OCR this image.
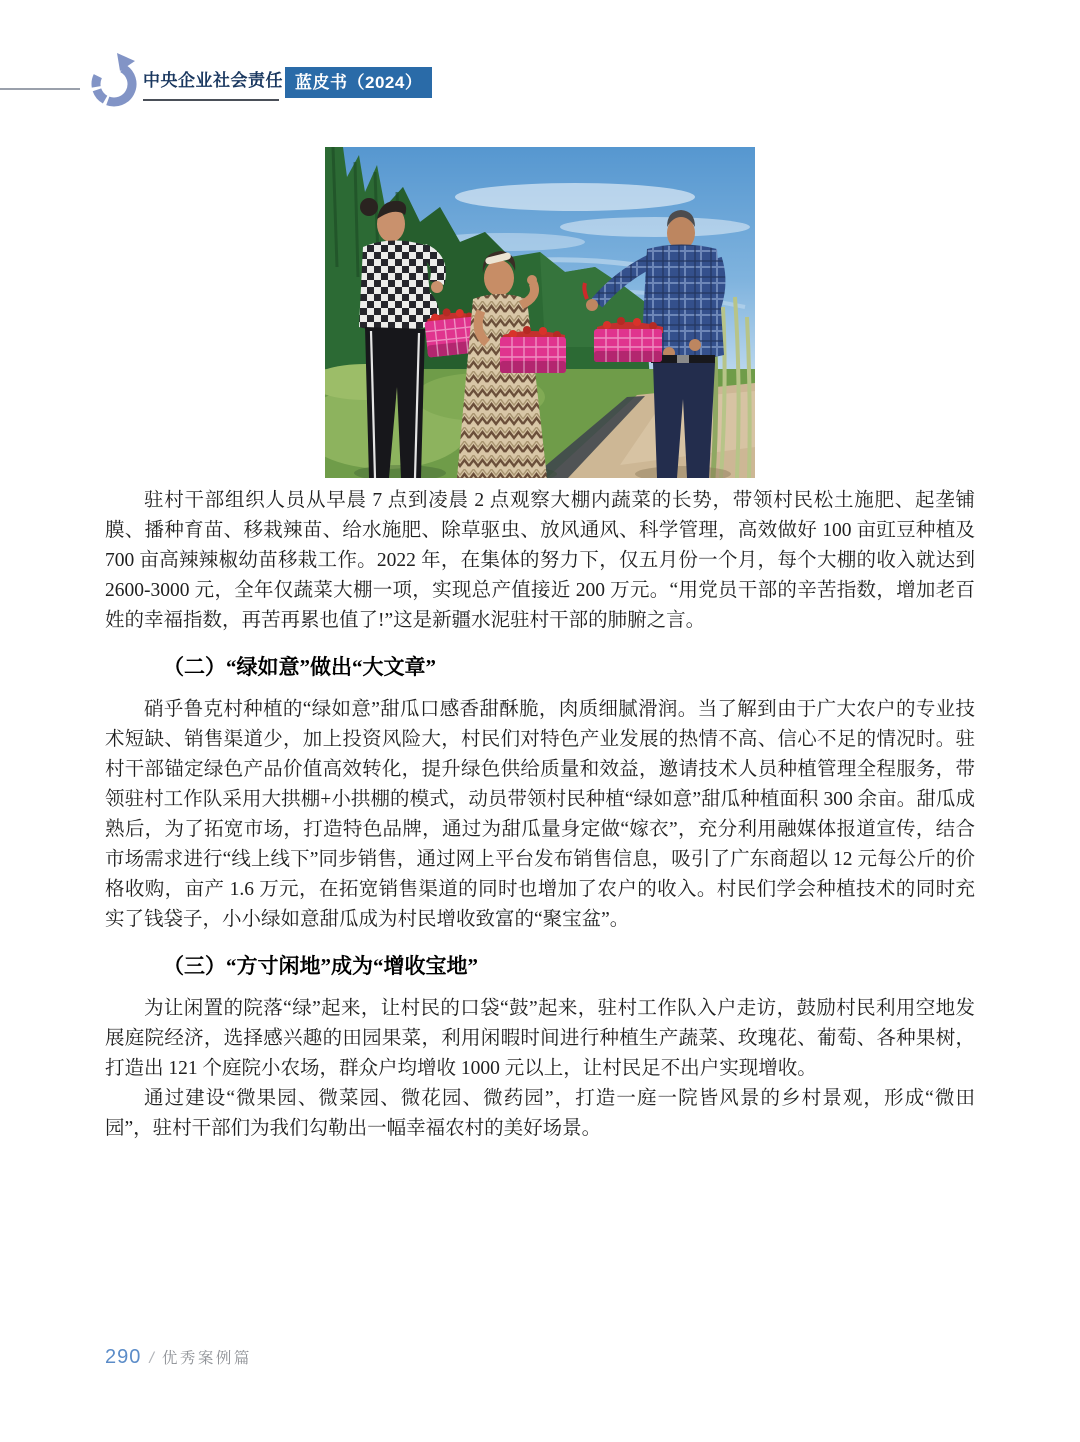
中央企业社会责任 蓝皮书（2024）

驻村干部组织人员从早晨 7 点到凌晨 2 点观察大棚内蔬菜的长势，带领村民松土施肥、起垄铺膜、播种育苗、移栽辣苗、给水施肥、除草驱虫、放风通风、科学管理，高效做好 100 亩豇豆种植及 700 亩高辣辣椒幼苗移栽工作。2022 年，在集体的努力下，仅五月份一个月，每个大棚的收入就达到 2600-3000 元，全年仅蔬菜大棚一项，实现总产值接近 200 万元。“用党员干部的辛苦指数，增加老百姓的幸福指数，再苦再累也值了!”这是新疆水泥驻村干部的肺腑之言。

（二）“绿如意”做出“大文章”

硝乎鲁克村种植的“绿如意”甜瓜口感香甜酥脆，肉质细腻滑润。当了解到由于广大农户的专业技术短缺、销售渠道少，加上投资风险大，村民们对特色产业发展的热情不高、信心不足的情况时。驻村干部锚定绿色产品价值高效转化，提升绿色供给质量和效益，邀请技术人员种植管理全程服务，带领驻村工作队采用大拱棚+小拱棚的模式，动员带领村民种植“绿如意”甜瓜种植面积 300 余亩。甜瓜成熟后，为了拓宽市场，打造特色品牌，通过为甜瓜量身定做“嫁衣”，充分利用融媒体报道宣传，结合市场需求进行“线上线下”同步销售，通过网上平台发布销售信息，吸引了广东商超以 12 元每公斤的价格收购，亩产 1.6 万元，在拓宽销售渠道的同时也增加了农户的收入。村民们学会种植技术的同时充实了钱袋子，小小绿如意甜瓜成为村民增收致富的“聚宝盆”。

（三）“方寸闲地”成为“增收宝地”

为让闲置的院落“绿”起来，让村民的口袋“鼓”起来，驻村工作队入户走访，鼓励村民利用空地发展庭院经济，选择感兴趣的田园果菜，利用闲暇时间进行种植生产蔬菜、玫瑰花、葡萄、各种果树，打造出 121 个庭院小农场，群众户均增收 1000 元以上，让村民足不出户实现增收。

通过建设“微果园、微菜园、微花园、微药园”，打造一庭一院皆风景的乡村景观，形成“微田园”，驻村干部们为我们勾勒出一幅幸福农村的美好场景。

290 / 优秀案例篇
